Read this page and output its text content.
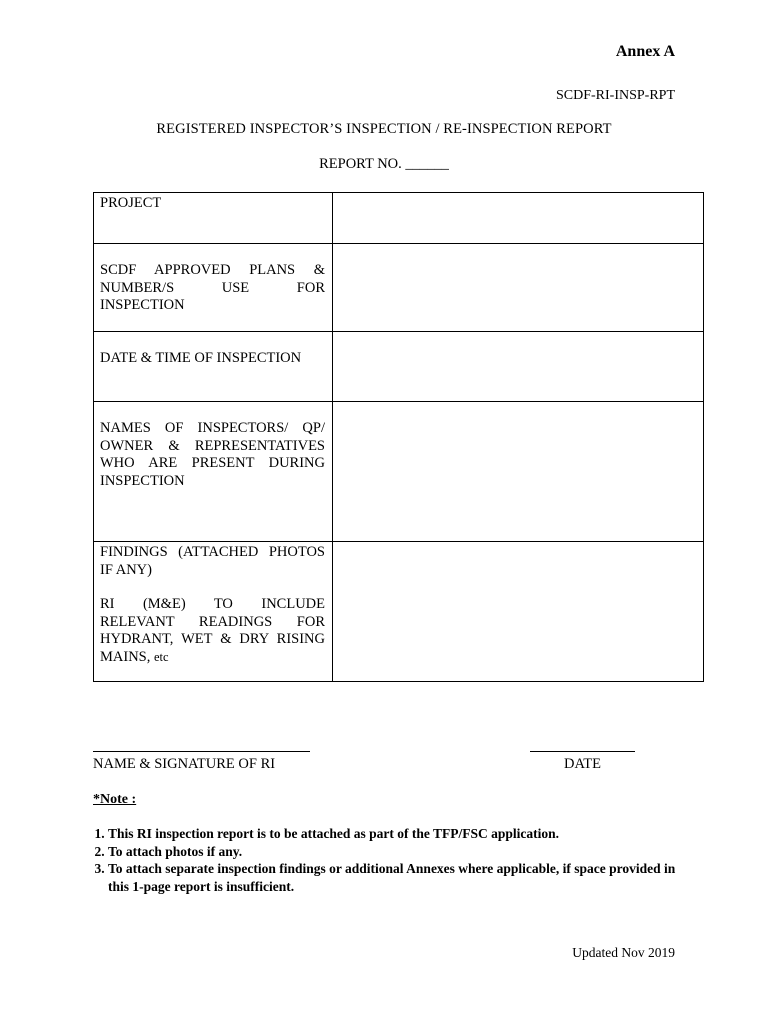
Annex A
SCDF-RI-INSP-RPT
REGISTERED INSPECTOR’S INSPECTION / RE-INSPECTION REPORT
REPORT NO. ______

PROJECT	

SCDF APPROVED PLANS & NUMBER/S USE FOR INSPECTION	

DATE & TIME OF INSPECTION	

NAMES OF INSPECTORS/ QP/ OWNER & REPRESENTATIVES WHO ARE PRESENT DURING INSPECTION	

FINDINGS (ATTACHED PHOTOS IF ANY)

RI (M&E) TO INCLUDE RELEVANT READINGS FOR HYDRANT, WET & DRY RISING MAINS, etc	

NAME & SIGNATURE OF RI	DATE
*Note :
1. This RI inspection report is to be attached as part of the TFP/FSC application.
2. To attach photos if any.
3. To attach separate inspection findings or additional Annexes where applicable, if space provided in this 1-page report is insufficient.
Updated Nov 2019
